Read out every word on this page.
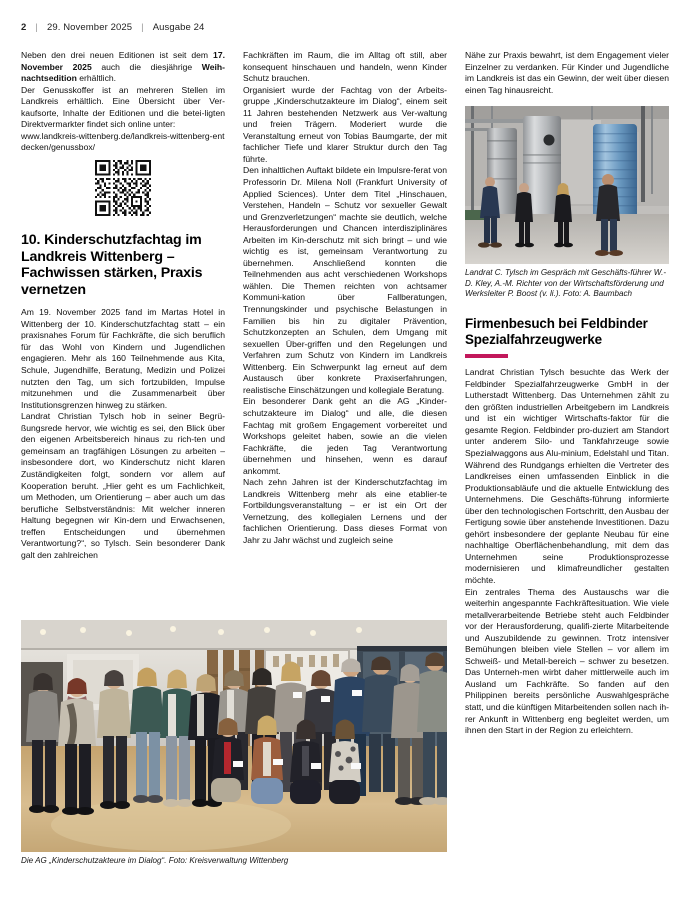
2 | 29. November 2025 | Ausgabe 24

Neben den drei neuen Editionen ist seit dem 17. November 2025 auch die diesjährige Weih-nachtsedition erhältlich.

Der Genusskoffer ist an mehreren Stellen im Landkreis erhältlich. Eine Übersicht über Ver-kaufsorte, Inhalte der Editionen und die betei-ligten Direktvermarkter findet sich online unter:

www.landkreis-wittenberg.de/landkreis-wittenberg-entdecken/genussbox/

10. Kinderschutzfachtag im Landkreis Wittenberg – Fachwissen stärken, Praxis vernetzen

Am 19. November 2025 fand im Martas Hotel in Wittenberg der 10. Kinderschutzfachtag statt – ein praxisnahes Forum für Fachkräfte, die sich beruflich für das Wohl von Kindern und Jugendlichen engagieren. Mehr als 160 Teilnehmende aus Kita, Schule, Jugendhilfe, Beratung, Medizin und Polizei nutzten den Tag, um sich fortzubilden, Impulse mitzunehmen und die Zusammenarbeit über Institutionsgrenzen hinweg zu stärken.

Landrat Christian Tylsch hob in seiner Begrü-ßungsrede hervor, wie wichtig es sei, den Blick über den eigenen Arbeitsbereich hinaus zu rich-ten und gemeinsam an tragfähigen Lösungen zu arbeiten – insbesondere dort, wo Kinderschutz nicht klaren Zuständigkeiten folgt, sondern vor allem auf Kooperation beruht. „Hier geht es um Fachlichkeit, um Methoden, um Orientierung – aber auch um das berufliche Selbstverständnis: Mit welcher inneren Haltung begegnen wir Kin-dern und Erwachsenen, treffen Entscheidungen und übernehmen Verantwortung?“, so Tylsch. Sein besonderer Dank galt den zahlreichen

Fachkräften im Raum, die im Alltag oft still, aber konsequent hinschauen und handeln, wenn Kinder Schutz brauchen.

Organisiert wurde der Fachtag von der Arbeits-gruppe „Kinderschutzakteure im Dialog“, einem seit 11 Jahren bestehenden Netzwerk aus Ver-waltung und freien Trägern. Moderiert wurde die Veranstaltung erneut von Tobias Baumgarte, der mit fachlicher Tiefe und klarer Struktur durch den Tag führte.

Den inhaltlichen Auftakt bildete ein Impulsre-ferat von Professorin Dr. Milena Noll (Frankfurt University of Applied Sciences). Unter dem Titel „Hinschauen, Verstehen, Handeln – Schutz vor sexueller Gewalt und Grenzverletzungen“ machte sie deutlich, welche Herausforderungen und Chancen interdisziplinäres Arbeiten im Kin-derschutz mit sich bringt – und wie wichtig es ist, gemeinsam Verantwortung zu übernehmen. Anschließend konnten die Teilnehmenden aus acht verschiedenen Workshops wählen. Die Themen reichten von achtsamer Kommuni-kation über Fallberatungen, Trennungskinder und psychische Belastungen in Familien bis hin zu digitaler Prävention, Schutzkonzepten an Schulen, dem Umgang mit sexuellen Über-griffen und den Regelungen und Verfahren zum Schutz von Kindern im Landkreis Wittenberg. Ein Schwerpunkt lag erneut auf dem Austausch über konkrete Praxiserfahrungen, realistische Einschätzungen und kollegiale Beratung.

Ein besonderer Dank geht an die AG „Kinder-schutzakteure im Dialog“ und alle, die diesen Fachtag mit großem Engagement vorbereitet und Workshops geleitet haben, sowie an die vielen Fachkräfte, die jeden Tag Verantwortung übernehmen und hinsehen, wenn es darauf ankommt.

Nach zehn Jahren ist der Kinderschutzfachtag im Landkreis Wittenberg mehr als eine etablier-te Fortbildungsveranstaltung – er ist ein Ort der Vernetzung, des kollegialen Lernens und der fachlichen Orientierung. Dass dieses Format von Jahr zu Jahr wächst und zugleich seine

Nähe zur Praxis bewahrt, ist dem Engagement vieler Einzelner zu verdanken. Für Kinder und Jugendliche im Landkreis ist das ein Gewinn, der weit über diesen einen Tag hinausreicht.

Landrat C. Tylsch im Gespräch mit Geschäfts-führer W.-D. Kley, A.-M. Richter von der Wirtschaftsförderung und Werksleiter P. Boost (v. li.). Foto: A. Baumbach
Firmenbesuch bei Feldbinder Spezialfahrzeugwerke

Landrat Christian Tylsch besuchte das Werk der Feldbinder Spezialfahrzeugwerke GmbH in der Lutherstadt Wittenberg. Das Unternehmen zählt zu den größten industriellen Arbeitgebern im Landkreis und ist ein wichtiger Wirtschafts-faktor für die gesamte Region. Feldbinder pro-duziert am Standort unter anderem Silo- und Tankfahrzeuge sowie Spezialwaggons aus Alu-minium, Edelstahl und Titan.

Während des Rundgangs erhielten die Vertreter des Landkreises einen umfassenden Einblick in die Produktionsabläufe und die aktuelle Entwicklung des Unternehmens. Die Geschäfts-führung informierte über den technologischen Fortschritt, den Ausbau der Fertigung sowie über anstehende Investitionen. Dazu gehört insbesondere der geplante Neubau für eine nachhaltige Oberflächenbehandlung, mit dem das Unternehmen seine Produktionsprozesse modernisieren und klimafreundlicher gestalten möchte.

Ein zentrales Thema des Austauschs war die weiterhin angespannte Fachkräftesituation. Wie viele metallverarbeitende Betriebe steht auch Feldbinder vor der Herausforderung, qualifi-zierte Mitarbeitende und Auszubildende zu gewinnen. Trotz intensiver Bemühungen bleiben viele Stellen – vor allem im Schweiß- und Metall-bereich – schwer zu besetzen. Das Unterneh-men wirbt daher mittlerweile auch im Ausland um Fachkräfte. So fanden auf den Philippinen bereits persönliche Auswahlgespräche statt, und die künftigen Mitarbeitenden sollen nach ih-rer Ankunft in Wittenberg eng begleitet werden, um ihnen den Start in der Region zu erleichtern.

Die AG „Kinderschutzakteure im Dialog“. Foto: Kreisverwaltung Wittenberg
